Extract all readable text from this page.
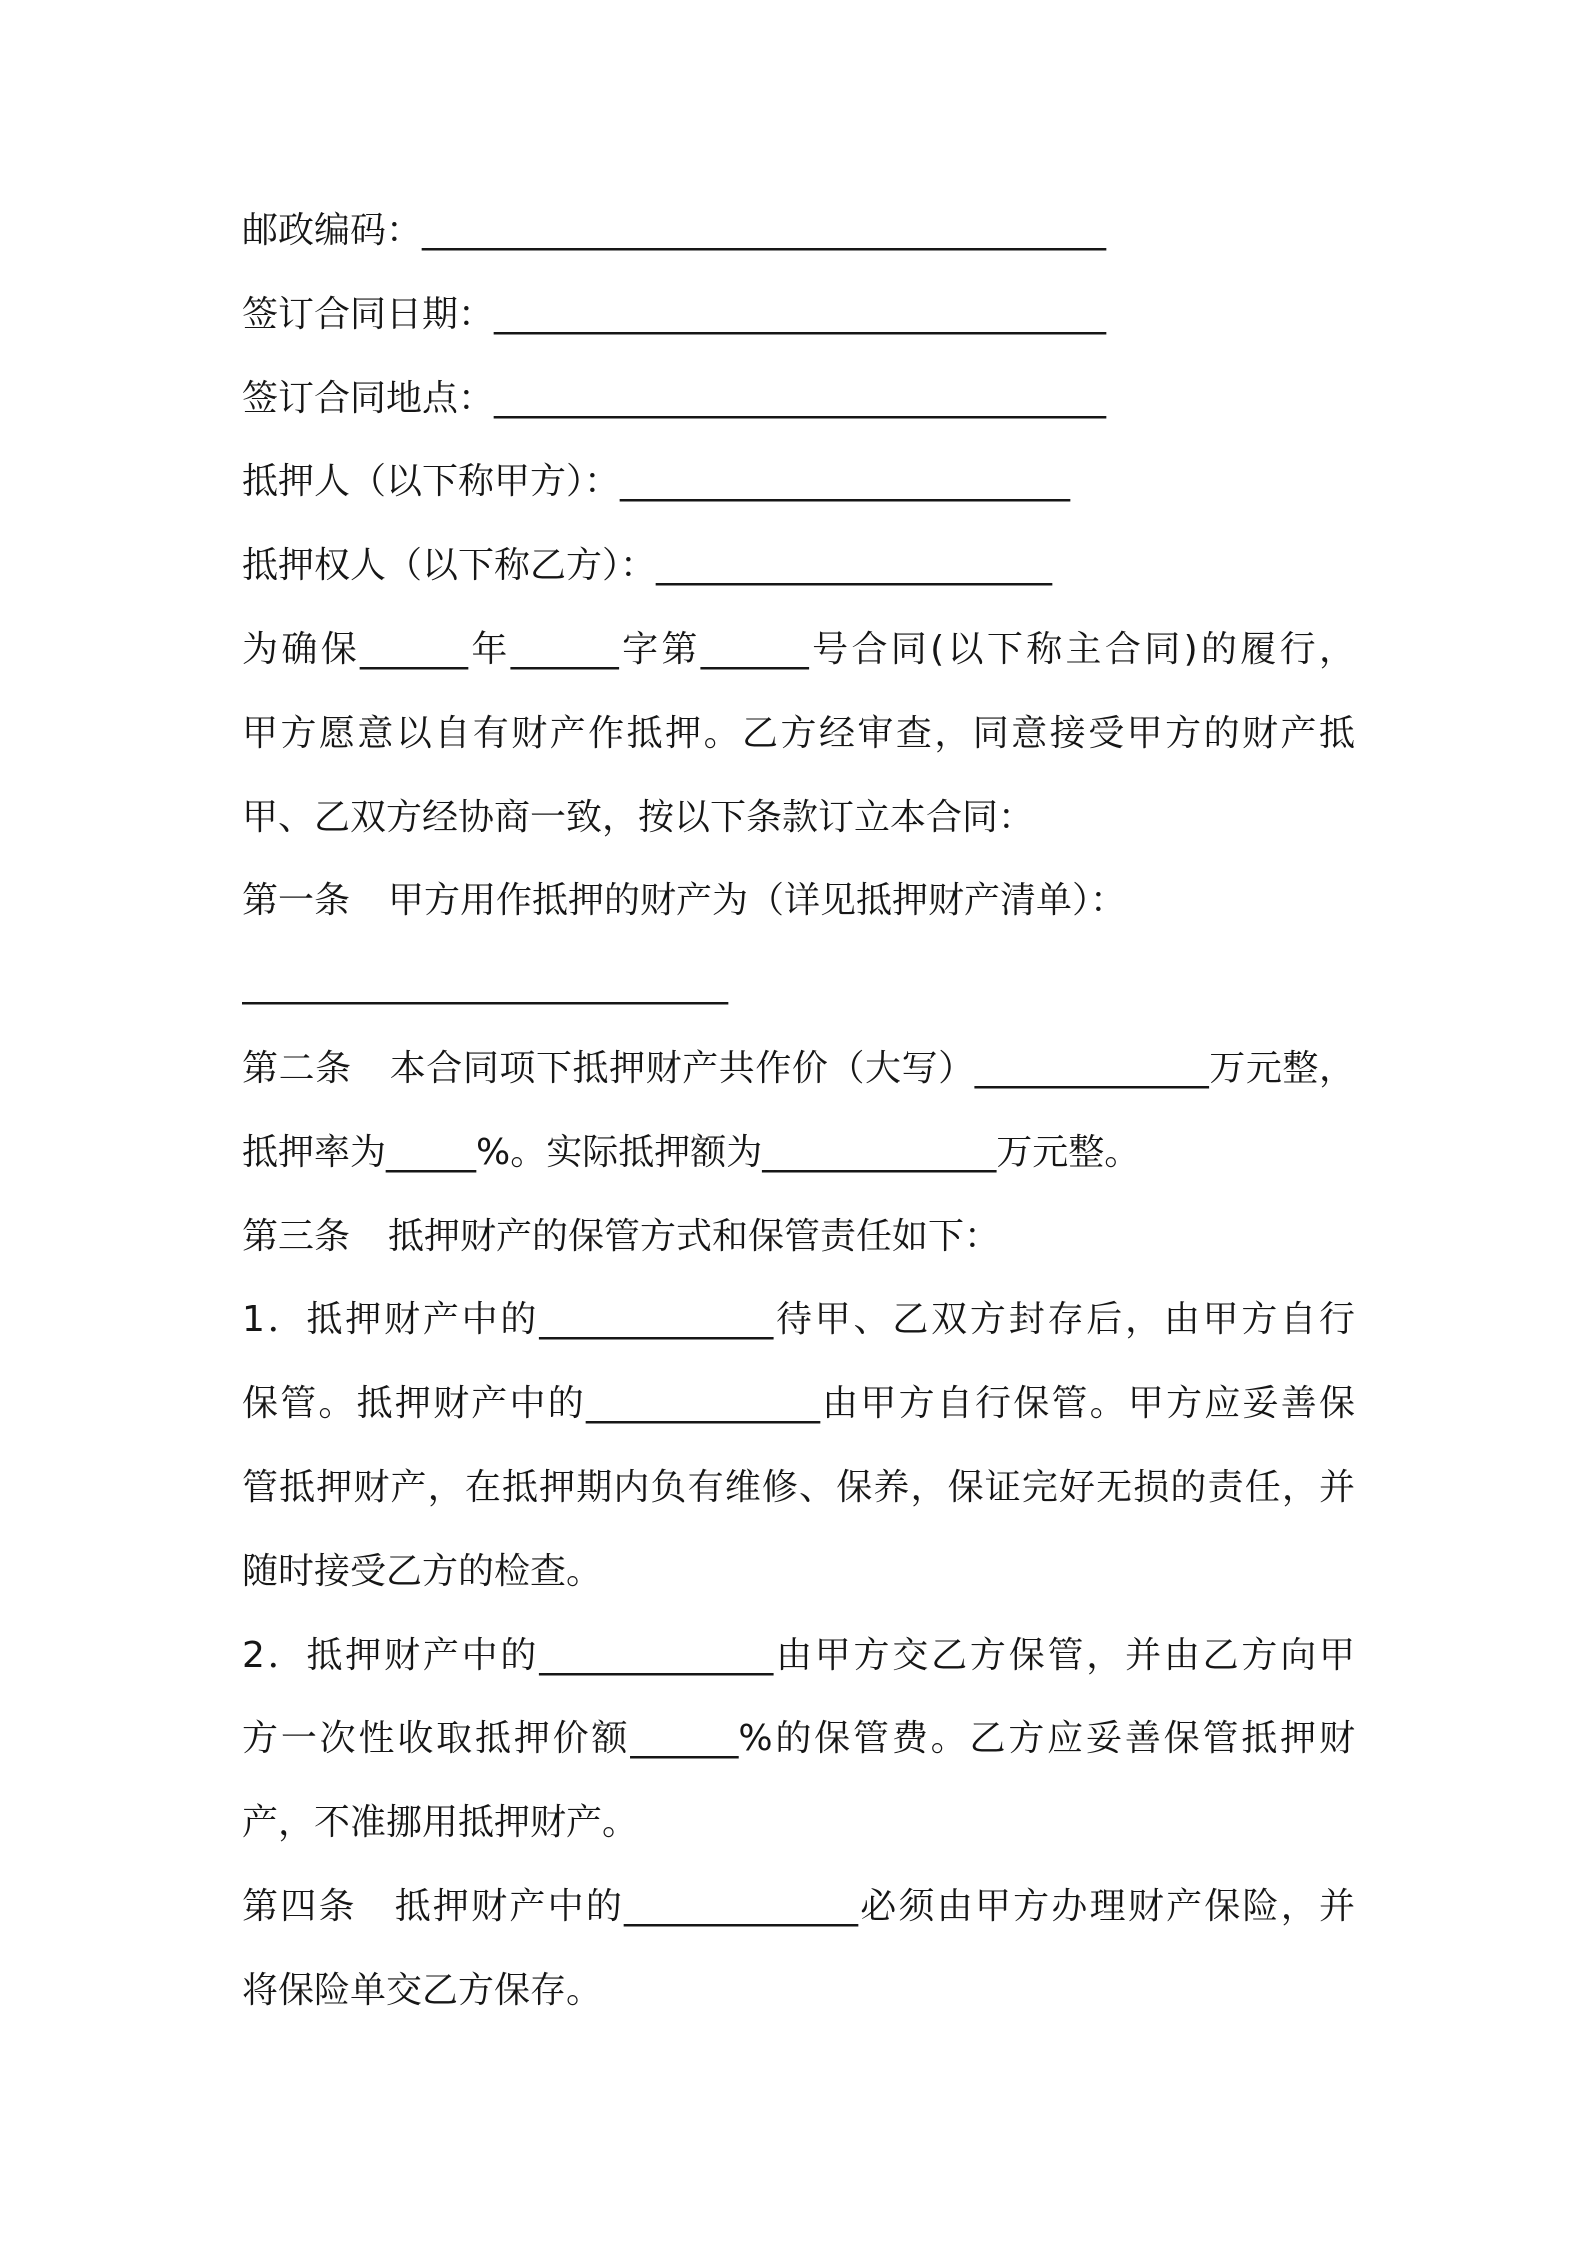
邮政编码：______________________________________
签订合同日期：__________________________________
签订合同地点：__________________________________
抵押人（以下称甲方）：_________________________
抵押权人（以下称乙方）：______________________
为确保______年______字第______号合同(以下称主合同)的履行，
甲方愿意以自有财产作抵押。乙方经审查，同意接受甲方的财产抵
甲、乙双方经协商一致，按以下条款订立本合同：
第一条 甲方用作抵押的财产为（详见抵押财产清单）：
___________________________
第二条 本合同项下抵押财产共作价（大写）_____________万元整，
抵押率为_____%。实际抵押额为_____________万元整。
第三条 抵押财产的保管方式和保管责任如下：
1．抵押财产中的_____________待甲、乙双方封存后，由甲方自行
保管。抵押财产中的_____________由甲方自行保管。甲方应妥善保
管抵押财产，在抵押期内负有维修、保养，保证完好无损的责任，并
随时接受乙方的检查。
2．抵押财产中的_____________由甲方交乙方保管，并由乙方向甲
方一次性收取抵押价额______%的保管费。乙方应妥善保管抵押财
产，不准挪用抵押财产。
第四条 抵押财产中的_____________必须由甲方办理财产保险，并
将保险单交乙方保存。
